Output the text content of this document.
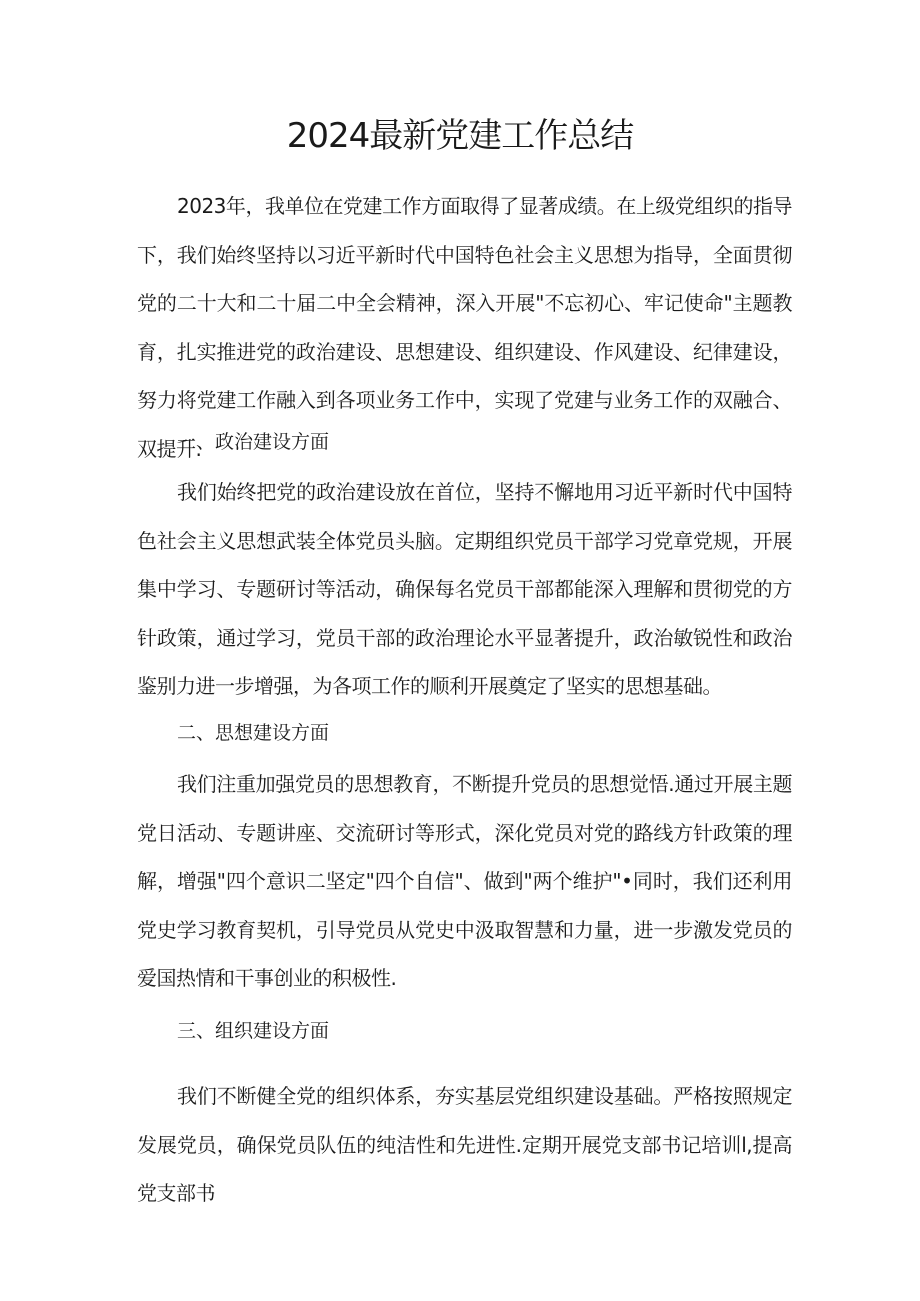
2024最新党建工作总结

2023年，我单位在党建工作方面取得了显著成绩。在上级党组织的指导下，我们始终坚持以习近平新时代中国特色社会主义思想为指导，全面贯彻党的二十大和二十届二中全会精神，深入开展"不忘初心、牢记使命"主题教育，扎实推进党的政治建设、思想建设、组织建设、作风建设、纪律建设，努力将党建工作融入到各项业务工作中，实现了党建与业务工作的双融合、双提升.

一、政治建设方面

我们始终把党的政治建设放在首位，坚持不懈地用习近平新时代中国特色社会主义思想武装全体党员头脑。定期组织党员干部学习党章党规，开展集中学习、专题研讨等活动，确保每名党员干部都能深入理解和贯彻党的方针政策，通过学习，党员干部的政治理论水平显著提升，政治敏锐性和政治鉴别力进一步增强，为各项工作的顺利开展奠定了坚实的思想基础。

二、思想建设方面

我们注重加强党员的思想教育，不断提升党员的思想觉悟.通过开展主题党日活动、专题讲座、交流研讨等形式，深化党员对党的路线方针政策的理解，增强"四个意识二坚定"四个自信"、做到"两个维护"•同时，我们还利用党史学习教育契机，引导党员从党史中汲取智慧和力量，进一步激发党员的爱国热情和干事创业的积极性.

三、组织建设方面

我们不断健全党的组织体系，夯实基层党组织建设基础。严格按照规定发展党员，确保党员队伍的纯洁性和先进性.定期开展党支部书记培训l,提高党支部书
